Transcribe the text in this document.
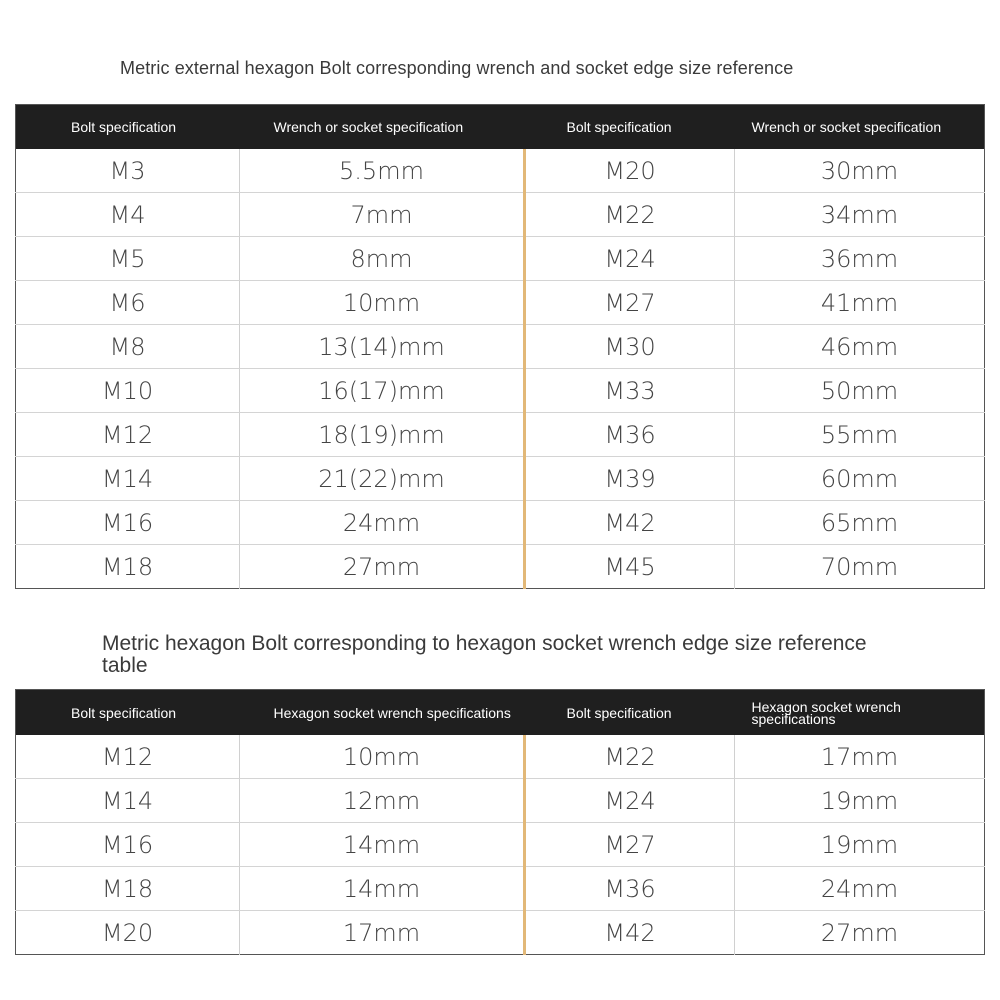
Metric external hexagon Bolt corresponding wrench and socket edge size reference
Bolt specification	Wrench or socket specification	Bolt specification	Wrench or socket specification
M3	5.5mm	M20	30mm
M4	7mm	M22	34mm
M5	8mm	M24	36mm
M6	10mm	M27	41mm
M8	13(14)mm	M30	46mm
M10	16(17)mm	M33	50mm
M12	18(19)mm	M36	55mm
M14	21(22)mm	M39	60mm
M16	24mm	M42	65mm
M18	27mm	M45	70mm
Metric hexagon Bolt corresponding to hexagon socket wrench edge size reference table
Bolt specification	Hexagon socket wrench specifications	Bolt specification	Hexagon socket wrench specifications
M12	10mm	M22	17mm
M14	12mm	M24	19mm
M16	14mm	M27	19mm
M18	14mm	M36	24mm
M20	17mm	M42	27mm
